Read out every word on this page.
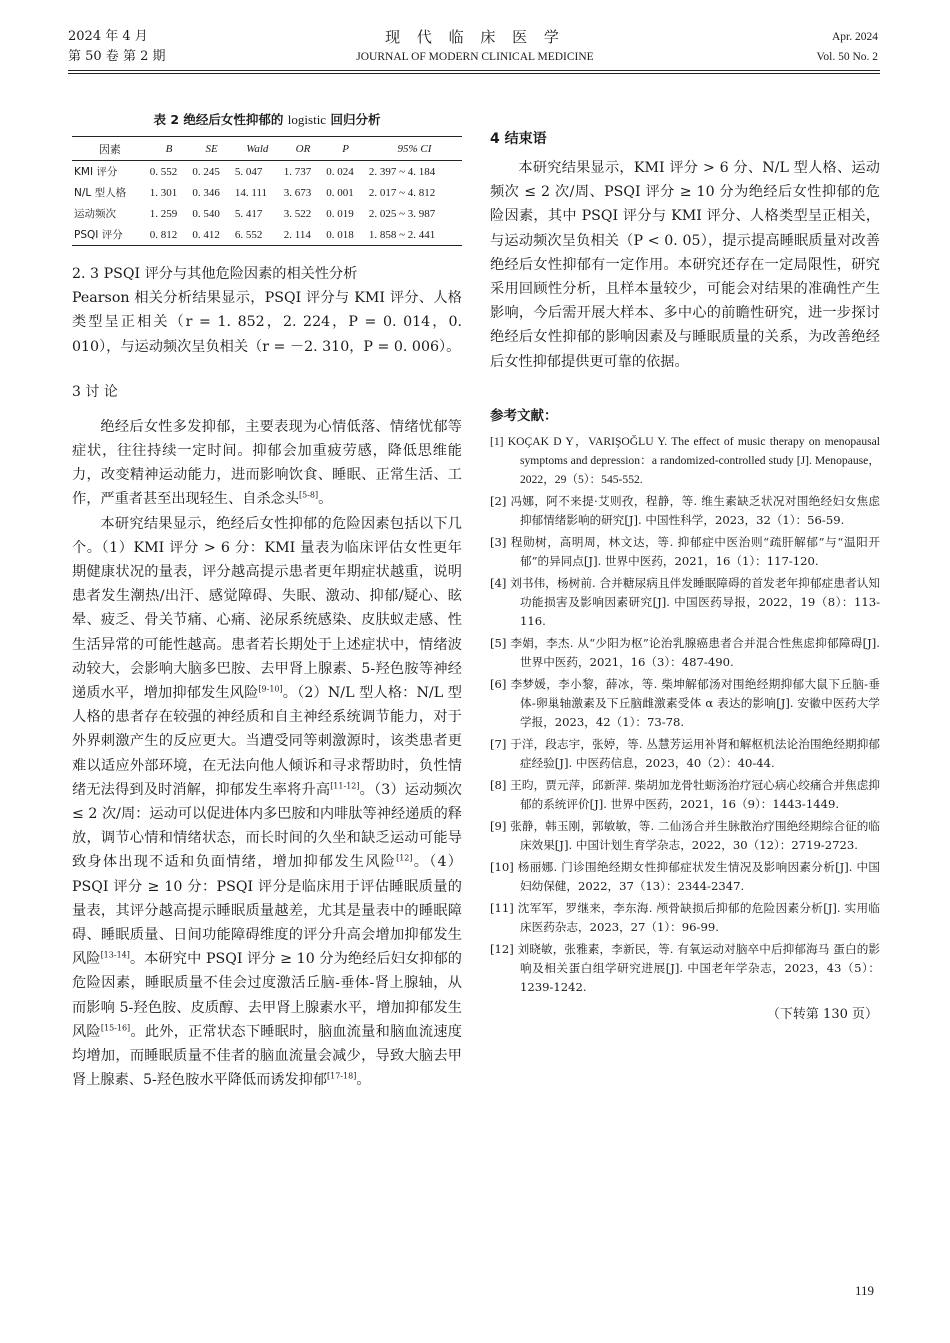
2024 年 4 月
第 50 卷 第 2 期
现 代 临 床 医 学
JOURNAL OF MODERN CLINICAL MEDICINE
Apr. 2024
Vol. 50 No. 2
表 2 绝经后女性抑郁的 logistic 回归分析
因素	B	SE	Wald	OR	P	95% CI
KMI 评分	0. 552	0. 245	5. 047	1. 737	0. 024	2. 397 ~ 4. 184
N/L 型人格	1. 301	0. 346	14. 111	3. 673	0. 001	2. 017 ~ 4. 812
运动频次	1. 259	0. 540	5. 417	3. 522	0. 019	2. 025 ~ 3. 987
PSQI 评分	0. 812	0. 412	6. 552	2. 114	0. 018	1. 858 ~ 2. 441
2. 3 PSQI 评分与其他危险因素的相关性分析

Pearson 相关分析结果显示，PSQI 评分与 KMI 评分、人格类型呈正相关（r = 1. 852，2. 224，P = 0. 014，0. 010），与运动频次呈负相关（r = －2. 310，P = 0. 006）。

3 讨 论

绝经后女性多发抑郁，主要表现为心情低落、情绪忧郁等症状，往往持续一定时间。抑郁会加重疲劳感，降低思维能力，改变精神运动能力，进而影响饮食、睡眠、正常生活、工作，严重者甚至出现轻生、自杀念头[5-8]。

本研究结果显示，绝经后女性抑郁的危险因素包括以下几个。（1）KMI 评分 > 6 分：KMI 量表为临床评估女性更年期健康状况的量表，评分越高提示患者更年期症状越重，说明患者发生潮热/出汗、感觉障碍、失眠、激动、抑郁/疑心、眩晕、疲乏、骨关节痛、心痛、泌尿系统感染、皮肤蚁走感、性生活异常的可能性越高。患者若长期处于上述症状中，情绪波动较大，会影响大脑多巴胺、去甲肾上腺素、5-羟色胺等神经递质水平，增加抑郁发生风险[9-10]。（2）N/L 型人格：N/L 型人格的患者存在较强的神经质和自主神经系统调节能力，对于外界刺激产生的反应更大。当遭受同等刺激源时，该类患者更难以适应外部环境，在无法向他人倾诉和寻求帮助时，负性情绪无法得到及时消解，抑郁发生率将升高[11-12]。（3）运动频次 ≤ 2 次/周：运动可以促进体内多巴胺和内啡肽等神经递质的释放，调节心情和情绪状态，而长时间的久坐和缺乏运动可能导致身体出现不适和负面情绪，增加抑郁发生风险[12]。（4）PSQI 评分 ≥ 10 分：PSQI 评分是临床用于评估睡眠质量的量表，其评分越高提示睡眠质量越差，尤其是量表中的睡眠障碍、睡眠质量、日间功能障碍维度的评分升高会增加抑郁发生风险[13-14]。本研究中 PSQI 评分 ≥ 10 分为绝经后妇女抑郁的危险因素，睡眠质量不佳会过度激活丘脑-垂体-肾上腺轴，从而影响 5-羟色胺、皮质醇、去甲肾上腺素水平，增加抑郁发生风险[15-16]。此外，正常状态下睡眠时，脑血流量和脑血流速度均增加，而睡眠质量不佳者的脑血流量会减少，导致大脑去甲肾上腺素、5-羟色胺水平降低而诱发抑郁[17-18]。

4 结束语

本研究结果显示，KMI 评分 > 6 分、N/L 型人格、运动频次 ≤ 2 次/周、PSQI 评分 ≥ 10 分为绝经后女性抑郁的危险因素，其中 PSQI 评分与 KMI 评分、人格类型呈正相关，与运动频次呈负相关（P < 0. 05），提示提高睡眠质量对改善绝经后女性抑郁有一定作用。本研究还存在一定局限性，研究采用回顾性分析，且样本量较少，可能会对结果的准确性产生影响，今后需开展大样本、多中心的前瞻性研究，进一步探讨绝经后女性抑郁的影响因素及与睡眠质量的关系，为改善绝经后女性抑郁提供更可靠的依据。

参考文献：

[1] KOÇAK D Y，VARIŞOĞLU Y. The effect of music therapy on menopausal symptoms and depression：a randomized-controlled study [J]. Menopause，2022，29（5）：545-552.

[2] 冯娜，阿不来提·艾则孜，程静，等. 维生素缺乏状况对围绝经妇女焦虑抑郁情绪影响的研究[J]. 中国性科学，2023，32（1）：56-59.

[3] 程勋树，高明周，林文达，等. 抑郁症中医治则“疏肝解郁”与“温阳开郁”的异同点[J]. 世界中医药，2021，16（1）：117-120.

[4] 刘书伟，杨树前. 合并糖尿病且伴发睡眠障碍的首发老年抑郁症患者认知功能损害及影响因素研究[J]. 中国医药导报，2022，19（8）：113-116.

[5] 李娟，李杰. 从“少阳为枢”论治乳腺癌患者合并混合性焦虑抑郁障碍[J]. 世界中医药，2021，16（3）：487-490.

[6] 李梦媛，李小黎，薛冰，等. 柴坤解郁汤对围绝经期抑郁大鼠下丘脑-垂体-卵巢轴激素及下丘脑雌激素受体 α 表达的影响[J]. 安徽中医药大学学报，2023，42（1）：73-78.

[7] 于洋，段志宇，张婷，等. 丛慧芳运用补肾和解枢机法论治围绝经期抑郁症经验[J]. 中医药信息，2023，40（2）：40-44.

[8] 王昀，贾元萍，邱新萍. 柴胡加龙骨牡蛎汤治疗冠心病心绞痛合并焦虑抑郁的系统评价[J]. 世界中医药，2021，16（9）：1443-1449.

[9] 张静，韩玉刚，郭敏敏，等. 二仙汤合并生脉散治疗围绝经期综合征的临床效果[J]. 中国计划生育学杂志，2022，30（12）：2719-2723.

[10] 杨丽娜. 门诊围绝经期女性抑郁症状发生情况及影响因素分析[J]. 中国妇幼保健，2022，37（13）：2344-2347.

[11] 沈军军，罗继来，李东海. 颅骨缺损后抑郁的危险因素分析[J]. 实用临床医药杂志，2023，27（1）：96-99.

[12] 刘晓敏，张雅素，李新民，等. 有氧运动对脑卒中后抑郁海马 蛋白的影响及相关蛋白组学研究进展[J]. 中国老年学杂志，2023，43（5）：1239-1242.

（下转第 130 页）
119
